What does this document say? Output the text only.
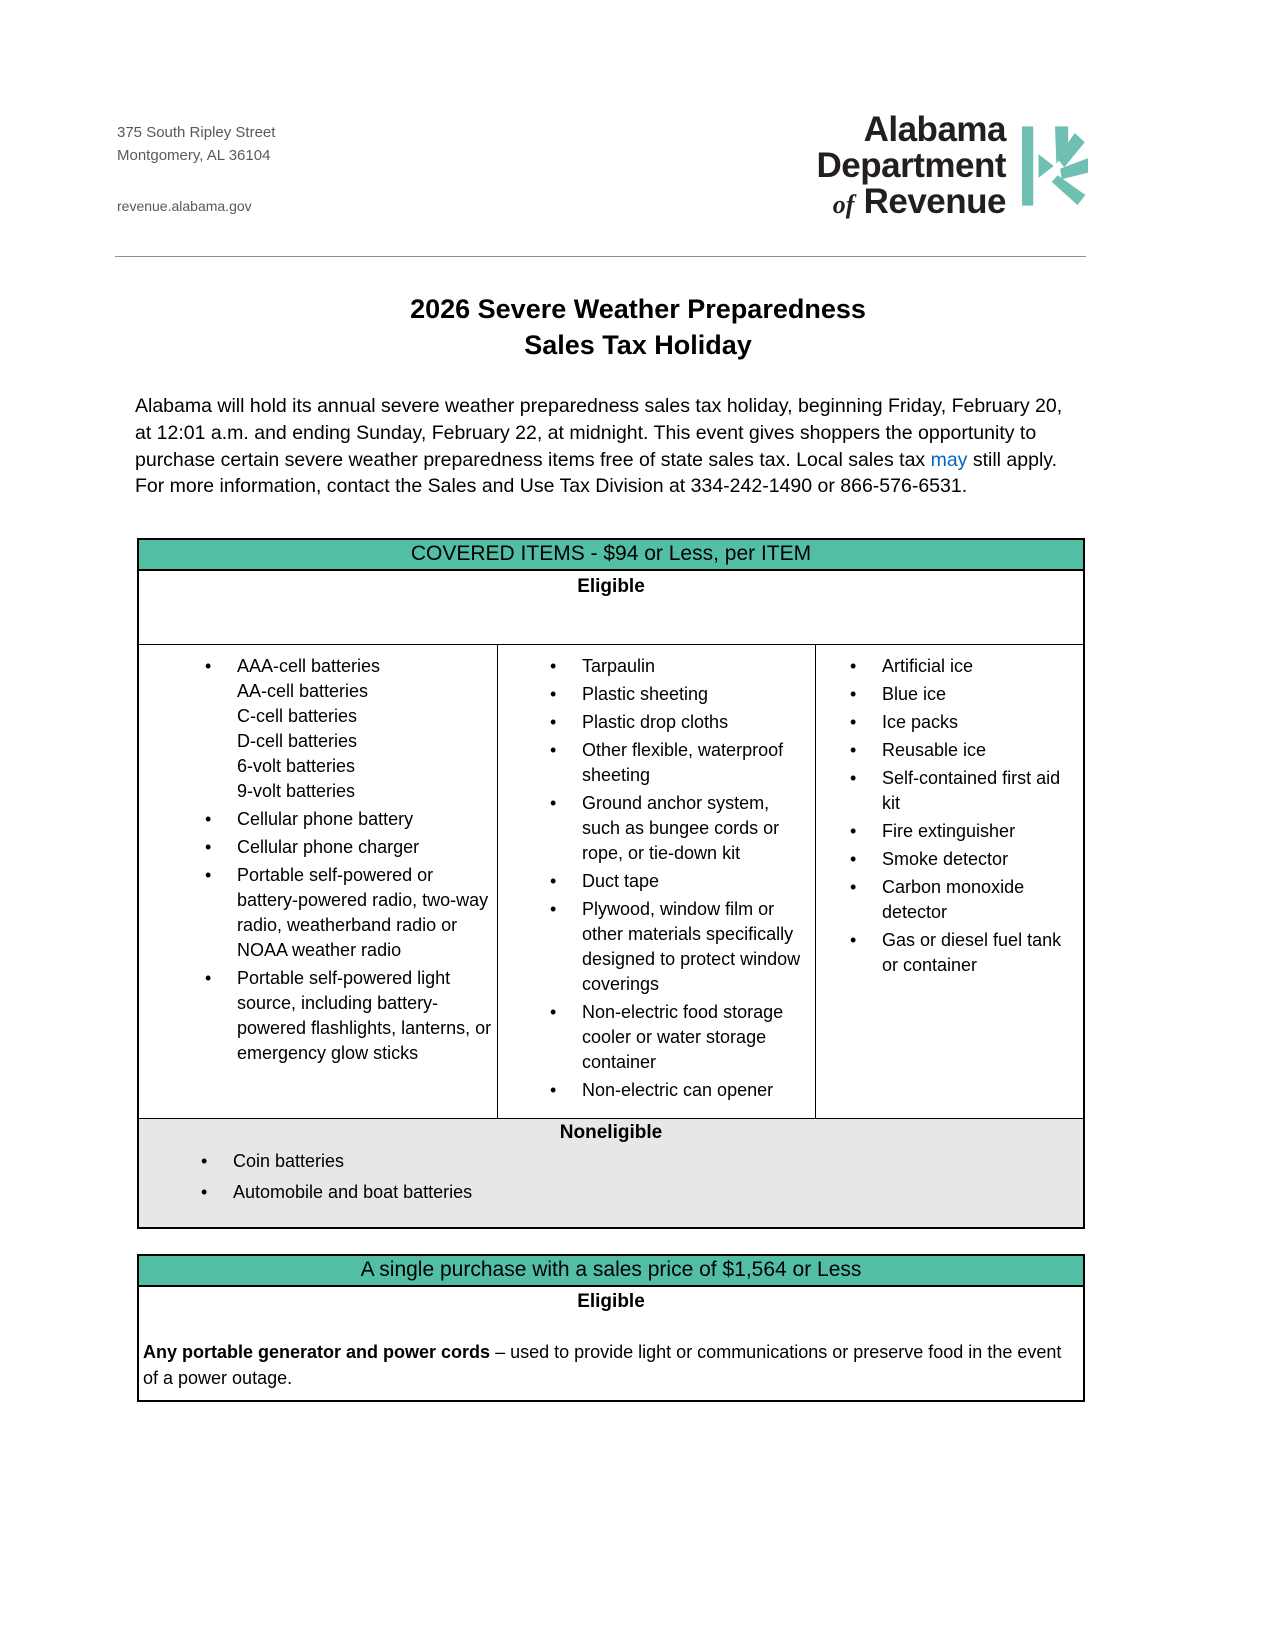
375 South Ripley Street
Montgomery, AL 36104
revenue.alabama.gov
Alabama
Department
of Revenue
2026 Severe Weather Preparedness
Sales Tax Holiday

Alabama will hold its annual severe weather preparedness sales tax holiday, beginning Friday, February 20, at 12:01 a.m. and ending Sunday, February 22, at midnight. This event gives shoppers the opportunity to purchase certain severe weather preparedness items free of state sales tax. Local sales tax may still apply. For more information, contact the Sales and Use Tax Division at 334-242-1490 or 866-576-6531.

COVERED ITEMS - $94 or Less, per ITEM
Eligible
• AAA-cell batteries
AA-cell batteries
C-cell batteries
D-cell batteries
6-volt batteries
9-volt batteries
• Cellular phone battery
• Cellular phone charger
• Portable self-powered or battery-powered radio, two-way radio, weatherband radio or NOAA weather radio
• Portable self-powered light source, including battery-powered flashlights, lanterns, or emergency glow sticks
• Tarpaulin
• Plastic sheeting
• Plastic drop cloths
• Other flexible, waterproof sheeting
• Ground anchor system, such as bungee cords or rope, or tie-down kit
• Duct tape
• Plywood, window film or other materials specifically designed to protect window coverings
• Non-electric food storage cooler or water storage container
• Non-electric can opener
• Artificial ice
• Blue ice
• Ice packs
• Reusable ice
• Self-contained first aid kit
• Fire extinguisher
• Smoke detector
• Carbon monoxide detector
• Gas or diesel fuel tank or container
Noneligible
• Coin batteries
• Automobile and boat batteries
A single purchase with a sales price of $1,564 or Less
Eligible
Any portable generator and power cords – used to provide light or communications or preserve food in the event of a power outage.
